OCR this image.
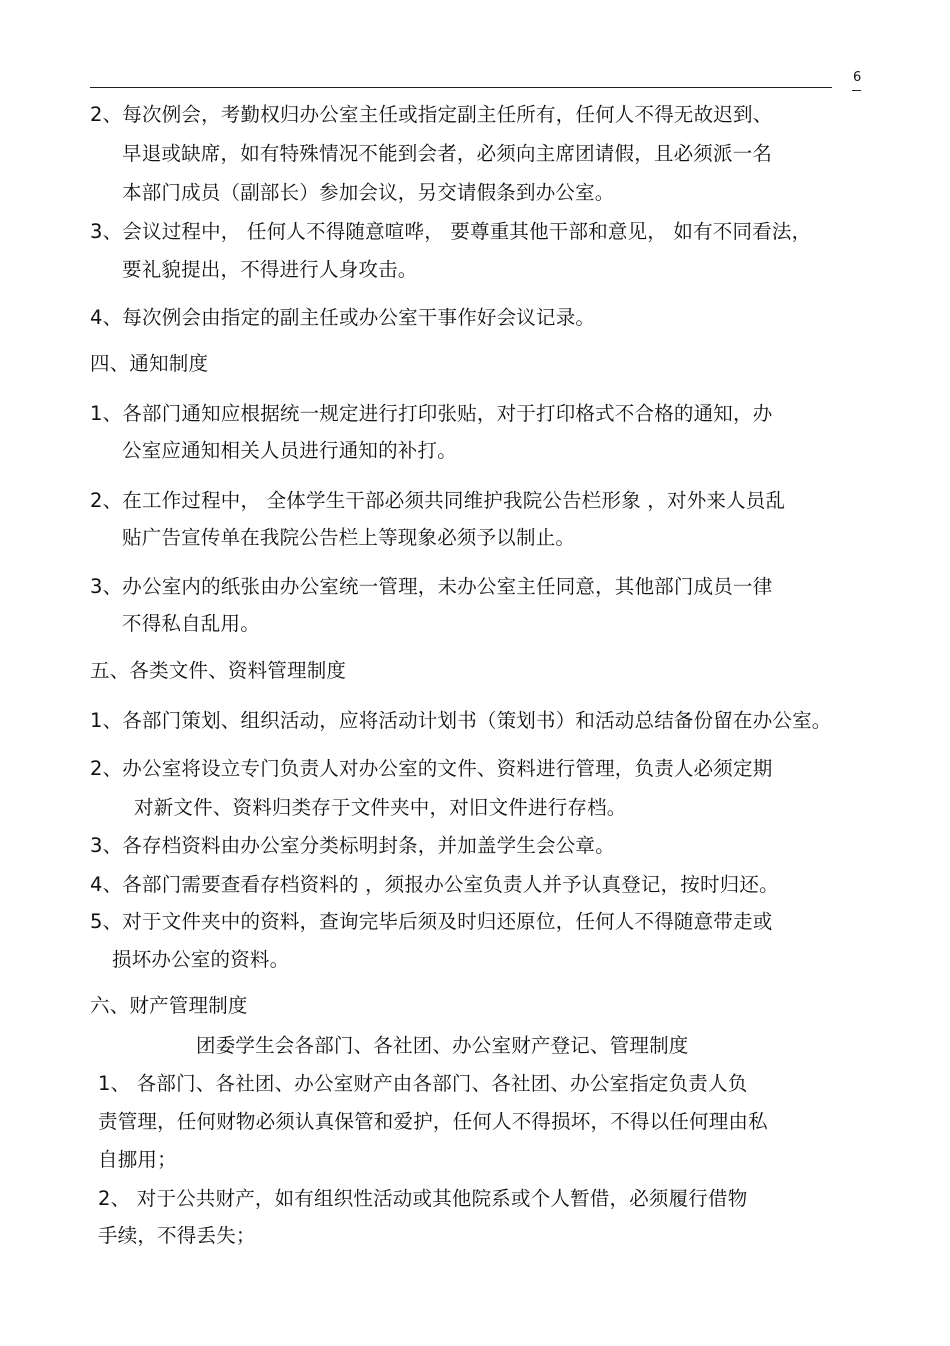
6
2、每次例会，考勤权归办公室主任或指定副主任所有，任何人不得无故迟到、
早退或缺席，如有特殊情况不能到会者，必须向主席团请假，且必须派一名
本部门成员（副部长）参加会议，另交请假条到办公室。
3、会议过程中， 任何人不得随意喧哗， 要尊重其他干部和意见， 如有不同看法，
要礼貌提出，不得进行人身攻击。
4、每次例会由指定的副主任或办公室干事作好会议记录。
四、通知制度
1、各部门通知应根据统一规定进行打印张贴，对于打印格式不合格的通知，办
公室应通知相关人员进行通知的补打。
2、在工作过程中， 全体学生干部必须共同维护我院公告栏形象 ，对外来人员乱
贴广告宣传单在我院公告栏上等现象必须予以制止。
3、办公室内的纸张由办公室统一管理，未办公室主任同意，其他部门成员一律
不得私自乱用。
五、各类文件、资料管理制度
1、各部门策划、组织活动，应将活动计划书（策划书）和活动总结备份留在办公室。
2、办公室将设立专门负责人对办公室的文件、资料进行管理，负责人必须定期
对新文件、资料归类存于文件夹中，对旧文件进行存档。
3、各存档资料由办公室分类标明封条，并加盖学生会公章。
4、各部门需要查看存档资料的 ，须报办公室负责人并予认真登记，按时归还。
5、对于文件夹中的资料，查询完毕后须及时归还原位，任何人不得随意带走或
损坏办公室的资料。
六、财产管理制度
团委学生会各部门、各社团、办公室财产登记、管理制度
1、 各部门、各社团、办公室财产由各部门、各社团、办公室指定负责人负
责管理，任何财物必须认真保管和爱护，任何人不得损坏，不得以任何理由私
自挪用；
2、 对于公共财产，如有组织性活动或其他院系或个人暂借，必须履行借物
手续，不得丢失；
